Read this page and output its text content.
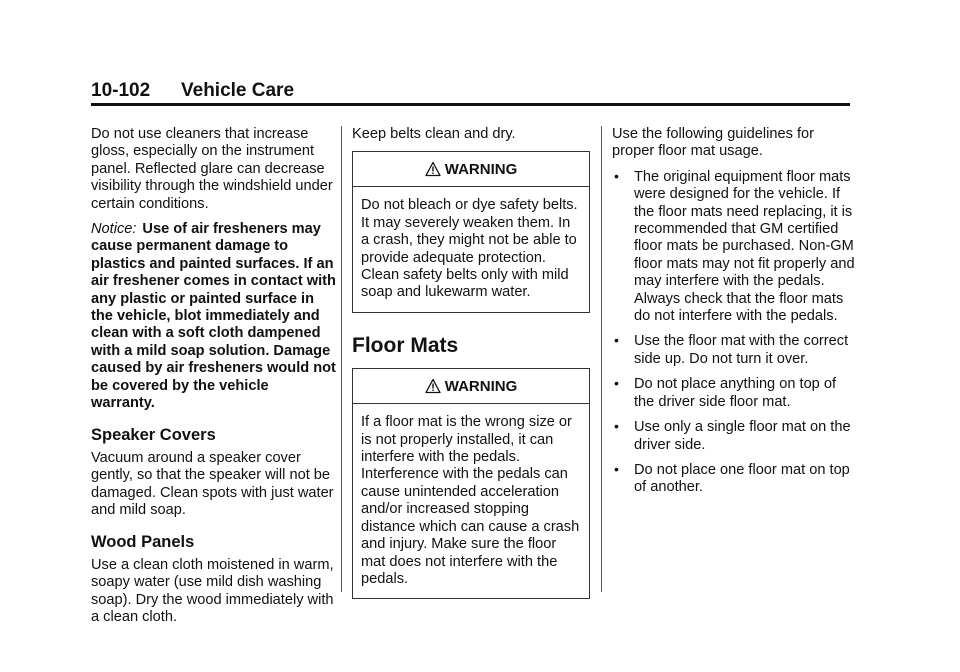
10-102 Vehicle Care

Do not use cleaners that increase gloss, especially on the instrument panel. Reflected glare can decrease visibility through the windshield under certain conditions.

Notice: Use of air fresheners may cause permanent damage to plastics and painted surfaces. If an air freshener comes in contact with any plastic or painted surface in the vehicle, blot immediately and clean with a soft cloth dampened with a mild soap solution. Damage caused by air fresheners would not be covered by the vehicle warranty.

Speaker Covers

Vacuum around a speaker cover gently, so that the speaker will not be damaged. Clean spots with just water and mild soap.

Wood Panels

Use a clean cloth moistened in warm, soapy water (use mild dish washing soap). Dry the wood immediately with a clean cloth.

Keep belts clean and dry.

WARNING
Do not bleach or dye safety belts. It may severely weaken them. In a crash, they might not be able to provide adequate protection. Clean safety belts only with mild soap and lukewarm water.
Floor Mats
WARNING
If a floor mat is the wrong size or is not properly installed, it can interfere with the pedals. Interference with the pedals can cause unintended acceleration and/or increased stopping distance which can cause a crash and injury. Make sure the floor mat does not interfere with the pedals.

Use the following guidelines for proper floor mat usage.

• The original equipment floor mats were designed for the vehicle. If the floor mats need replacing, it is recommended that GM certified floor mats be purchased. Non-GM floor mats may not fit properly and may interfere with the pedals. Always check that the floor mats do not interfere with the pedals.
• Use the floor mat with the correct side up. Do not turn it over.
• Do not place anything on top of the driver side floor mat.
• Use only a single floor mat on the driver side.
• Do not place one floor mat on top of another.
